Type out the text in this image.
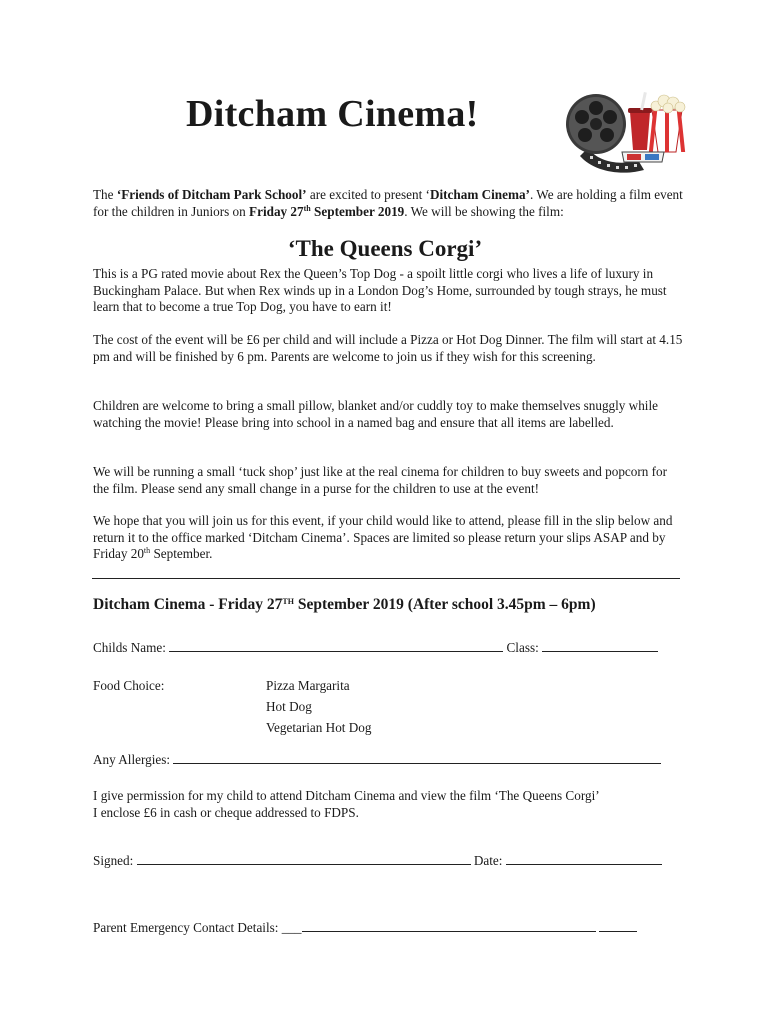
Ditcham Cinema!
The ‘Friends of Ditcham Park School’ are excited to present ‘Ditcham Cinema’. We are holding a film event for the children in Juniors on Friday 27th September 2019. We will be showing the film:
‘The Queens Corgi’
This is a PG rated movie about Rex the Queen’s Top Dog - a spoilt little corgi who lives a life of luxury in Buckingham Palace. But when Rex winds up in a London Dog’s Home, surrounded by tough strays, he must learn that to become a true Top Dog, you have to earn it!
The cost of the event will be £6 per child and will include a Pizza or Hot Dog Dinner. The film will start at 4.15 pm and will be finished by 6 pm. Parents are welcome to join us if they wish for this screening.
Children are welcome to bring a small pillow, blanket and/or cuddly toy to make themselves snuggly while watching the movie! Please bring into school in a named bag and ensure that all items are labelled.
We will be running a small ‘tuck shop’ just like at the real cinema for children to buy sweets and popcorn for the film. Please send any small change in a purse for the children to use at the event!
We hope that you will join us for this event, if your child would like to attend, please fill in the slip below and return it to the office marked ‘Ditcham Cinema’. Spaces are limited so please return your slips ASAP and by Friday 20th September.
Ditcham Cinema - Friday 27TH September 2019 (After school 3.45pm – 6pm)
Childs Name:	Class:
Food Choice:	Pizza Margarita
Hot Dog
Vegetarian Hot Dog
Any Allergies:
I give permission for my child to attend Ditcham Cinema and view the film ‘The Queens Corgi’
I enclose £6 in cash or cheque addressed to FDPS.
Signed:	Date:
Parent Emergency Contact Details: ___
